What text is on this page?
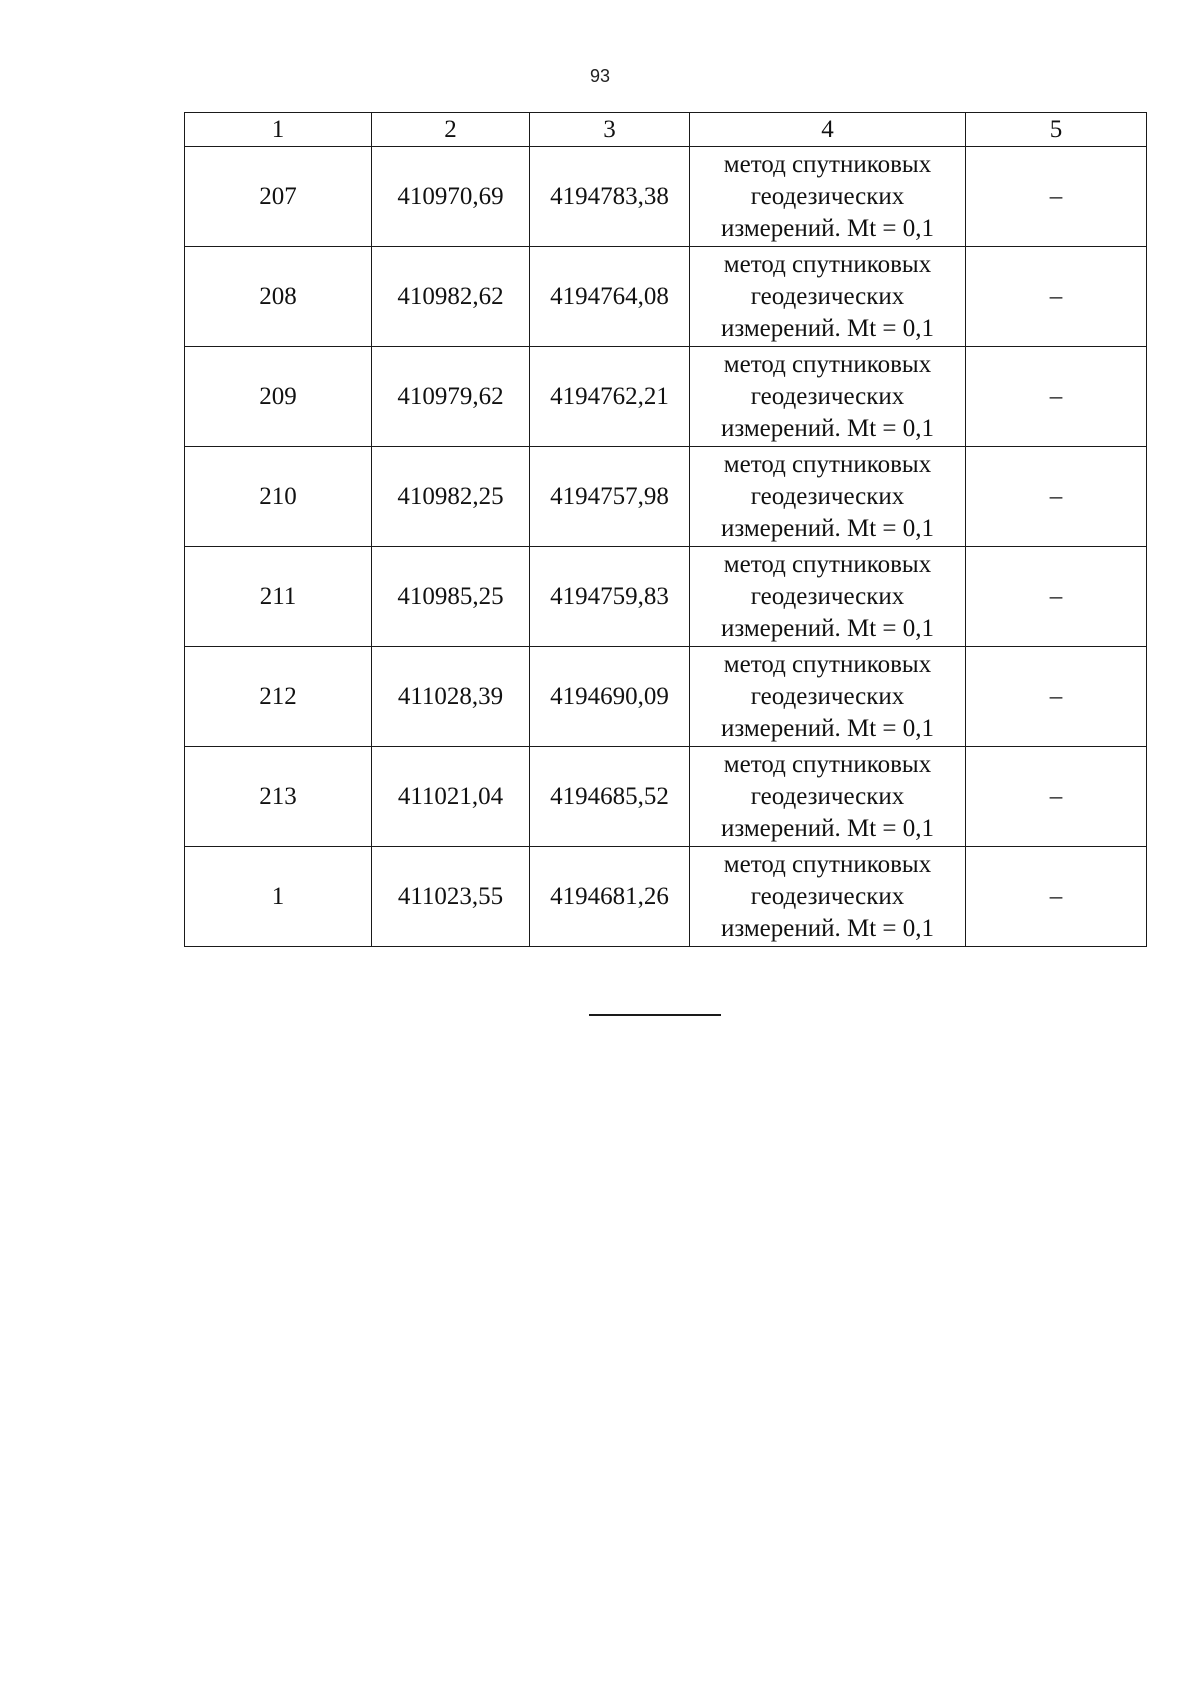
93
1	2	3	4	5
207	410970,69	4194783,38	метод спутниковых
геодезических
измерений. Mt = 0,1	–
208	410982,62	4194764,08	метод спутниковых
геодезических
измерений. Mt = 0,1	–
209	410979,62	4194762,21	метод спутниковых
геодезических
измерений. Mt = 0,1	–
210	410982,25	4194757,98	метод спутниковых
геодезических
измерений. Mt = 0,1	–
211	410985,25	4194759,83	метод спутниковых
геодезических
измерений. Mt = 0,1	–
212	411028,39	4194690,09	метод спутниковых
геодезических
измерений. Mt = 0,1	–
213	411021,04	4194685,52	метод спутниковых
геодезических
измерений. Mt = 0,1	–
1	411023,55	4194681,26	метод спутниковых
геодезических
измерений. Mt = 0,1	–
